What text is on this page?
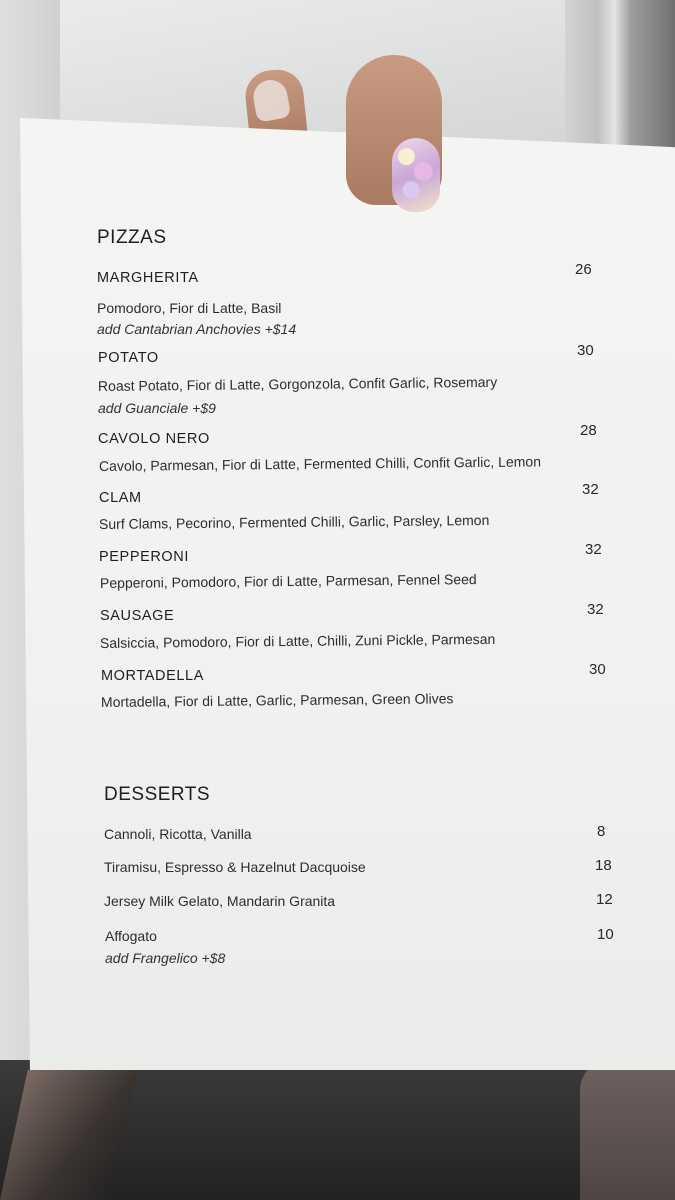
PIZZAS
MARGHERITA	26
Pomodoro, Fior di Latte, Basil
add Cantabrian Anchovies +$14
POTATO	30
Roast Potato, Fior di Latte, Gorgonzola, Confit Garlic, Rosemary
add Guanciale +$9
CAVOLO NERO	28
Cavolo, Parmesan, Fior di Latte, Fermented Chilli, Confit Garlic, Lemon
CLAM	32
Surf Clams, Pecorino, Fermented Chilli, Garlic, Parsley, Lemon
PEPPERONI	32
Pepperoni, Pomodoro, Fior di Latte, Parmesan, Fennel Seed
SAUSAGE	32
Salsiccia, Pomodoro, Fior di Latte, Chilli, Zuni Pickle, Parmesan
MORTADELLA	30
Mortadella, Fior di Latte, Garlic, Parmesan, Green Olives
DESSERTS
Cannoli, Ricotta, Vanilla	8
Tiramisu, Espresso & Hazelnut Dacquoise	18
Jersey Milk Gelato, Mandarin Granita	12
Affogato	10
add Frangelico +$8
